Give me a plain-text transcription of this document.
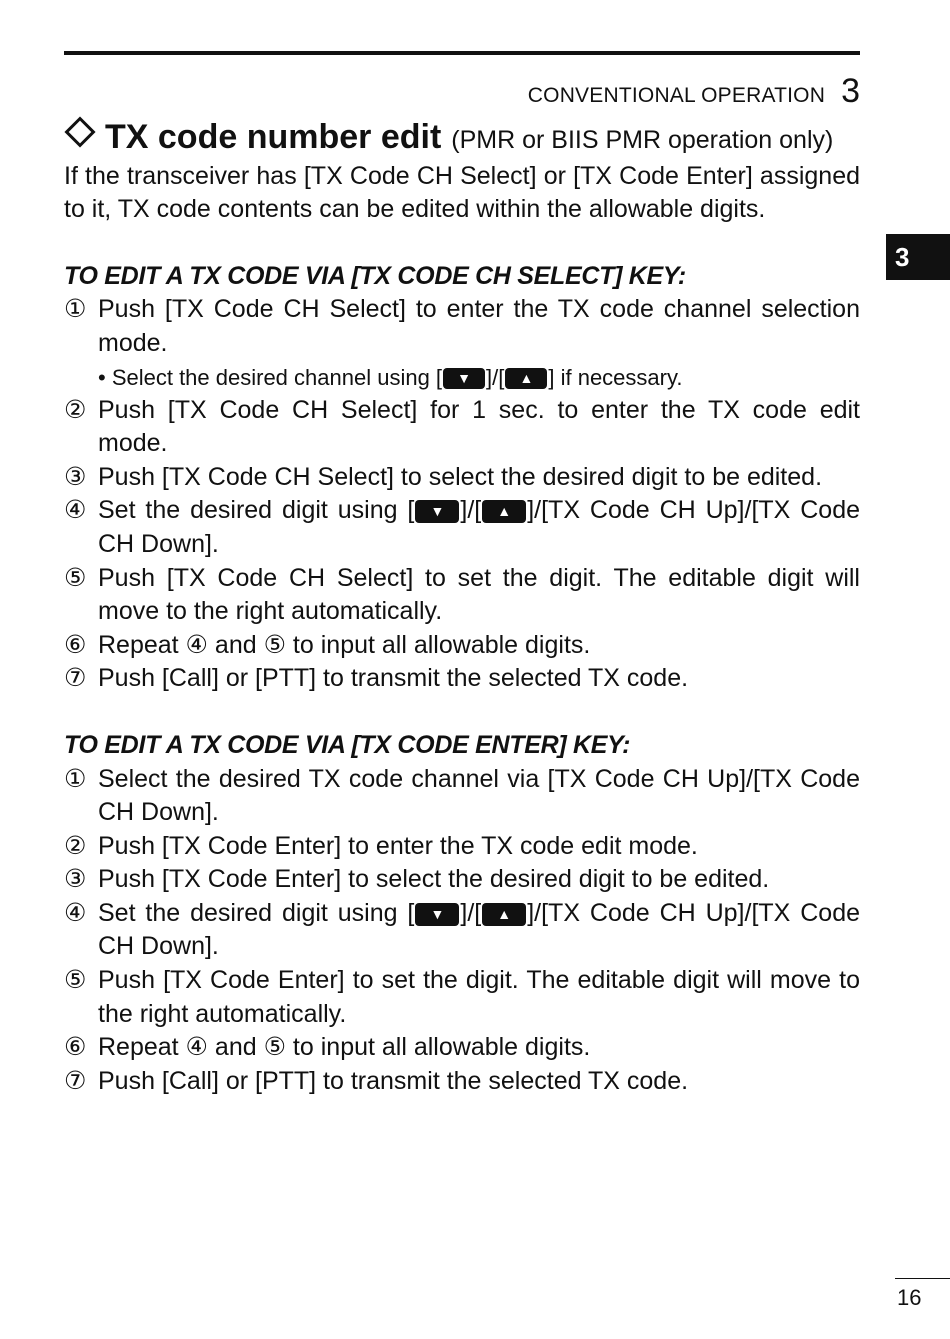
CONVENTIONAL OPERATION 3
3
TX code number edit (PMR or BIIS PMR operation only)

If the transceiver has [TX Code CH Select] or [TX Code Enter] assigned to it, TX code contents can be edited within the allowable digits.

TO EDIT A TX CODE VIA [TX CODE CH SELECT] KEY:
① Push [TX Code CH Select] to enter the TX code channel selection mode.
• Select the desired channel using [ ▼ ]/[ ▲ ] if necessary.
② Push [TX Code CH Select] for 1 sec. to enter the TX code edit mode.
③ Push [TX Code CH Select] to select the desired digit to be edited.
④ Set the desired digit using [ ▼ ]/[ ▲ ]/[TX Code CH Up]/[TX Code CH Down].
⑤ Push [TX Code CH Select] to set the digit. The editable digit will move to the right automatically.
⑥ Repeat ④ and ⑤ to input all allowable digits.
⑦ Push [Call] or [PTT] to transmit the selected TX code.
TO EDIT A TX CODE VIA [TX CODE ENTER] KEY:
① Select the desired TX code channel via [TX Code CH Up]/[TX Code CH Down].
② Push [TX Code Enter] to enter the TX code edit mode.
③ Push [TX Code Enter] to select the desired digit to be edited.
④ Set the desired digit using [ ▼ ]/[ ▲ ]/[TX Code CH Up]/[TX Code CH Down].
⑤ Push [TX Code Enter] to set the digit. The editable digit will move to the right automatically.
⑥ Repeat ④ and ⑤ to input all allowable digits.
⑦ Push [Call] or [PTT] to transmit the selected TX code.
16
